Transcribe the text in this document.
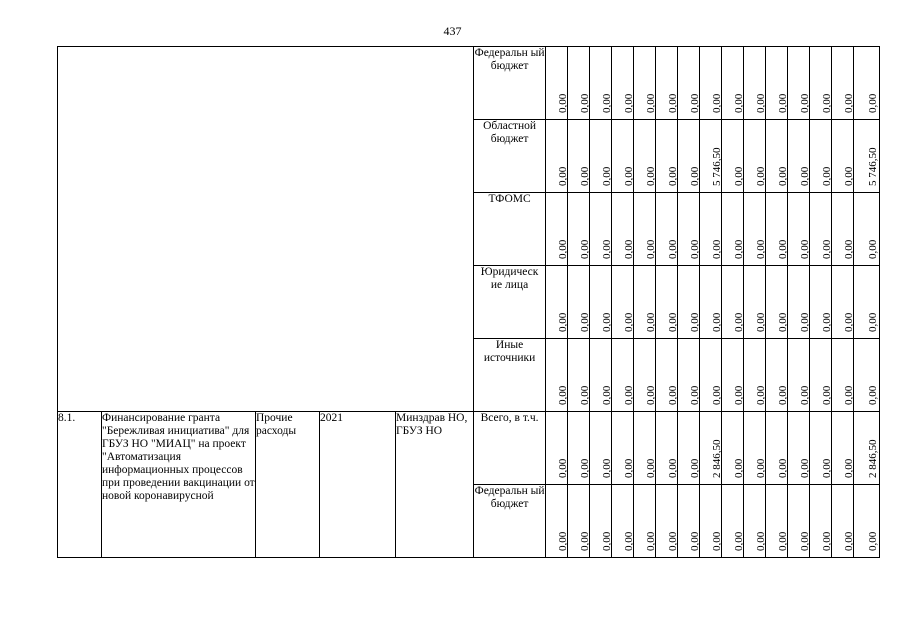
437
					Федеральн ый бюджет	0,00	0,00	0,00	0,00	0,00	0,00	0,00	0,00	0,00	0,00	0,00	0,00	0,00	0,00	0,00

					Областной бюджет	0,00	0,00	0,00	0,00	0,00	0,00	0,00	5 746,50	0,00	0,00	0,00	0,00	0,00	0,00	5 746,50

					ТФОМС	0,00	0,00	0,00	0,00	0,00	0,00	0,00	0,00	0,00	0,00	0,00	0,00	0,00	0,00	0,00

					Юридическ ие лица	0,00	0,00	0,00	0,00	0,00	0,00	0,00	0,00	0,00	0,00	0,00	0,00	0,00	0,00	0,00

					Иные источники	0,00	0,00	0,00	0,00	0,00	0,00	0,00	0,00	0,00	0,00	0,00	0,00	0,00	0,00	0,00

8.1.	Финансирование гранта "Бережливая инициатива" для ГБУЗ НО "МИАЦ" на проект "Автоматизация информационных процессов при проведении вакцинации от новой коронавирусной	Прочие расходы	2021	Минздрав НО, ГБУЗ НО	Всего, в т.ч.	0,00	0,00	0,00	0,00	0,00	0,00	0,00	2 846,50	0,00	0,00	0,00	0,00	0,00	0,00	2 846,50

					Федеральн ый бюджет	0,00	0,00	0,00	0,00	0,00	0,00	0,00	0,00	0,00	0,00	0,00	0,00	0,00	0,00	0,00
